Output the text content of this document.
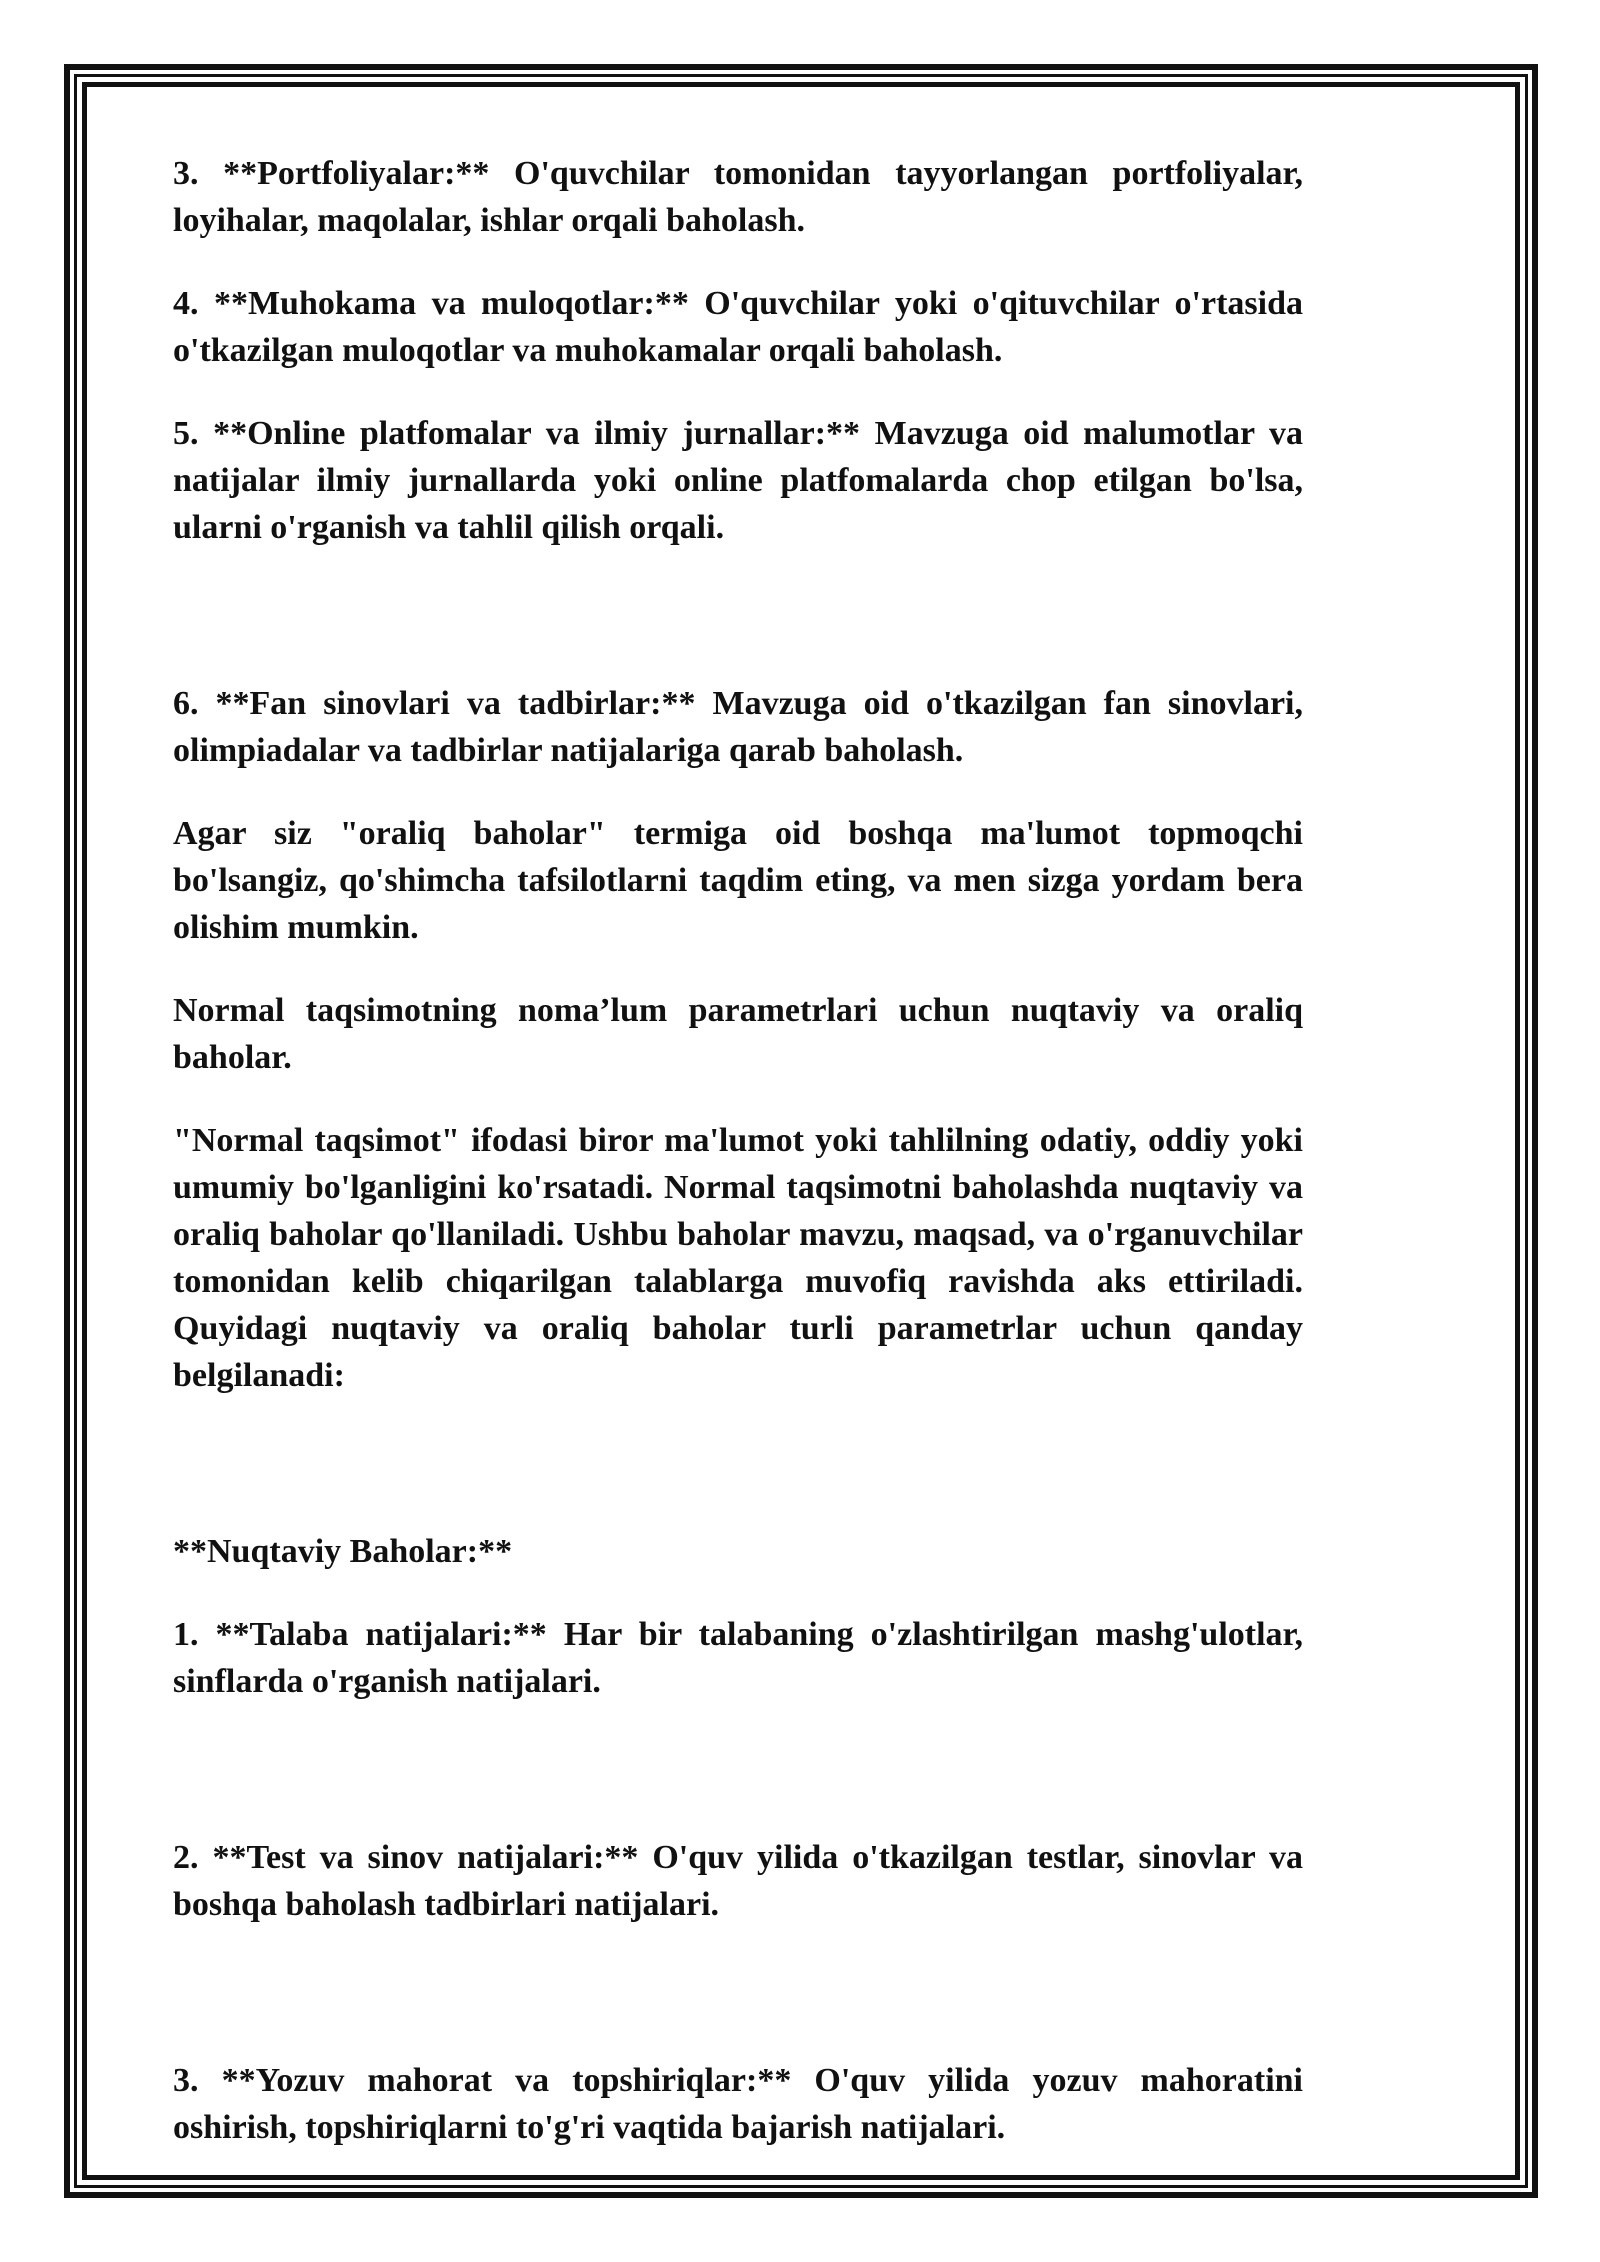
3. **Portfoliyalar:** O'quvchilar tomonidan tayyorlangan portfoliyalar, loyihalar, maqolalar, ishlar orqali baholash.

4. **Muhokama va muloqotlar:** O'quvchilar yoki o'qituvchilar o'rtasida o'tkazilgan muloqotlar va muhokamalar orqali baholash.

5. **Online platfomalar va ilmiy jurnallar:** Mavzuga oid malumotlar va natijalar ilmiy jurnallarda yoki online platfomalarda chop etilgan bo'lsa, ularni o'rganish va tahlil qilish orqali.

6. **Fan sinovlari va tadbirlar:** Mavzuga oid o'tkazilgan fan sinovlari, olimpiadalar va tadbirlar natijalariga qarab baholash.

Agar siz "oraliq baholar" termiga oid boshqa ma'lumot topmoqchi bo'lsangiz, qo'shimcha tafsilotlarni taqdim eting, va men sizga yordam bera olishim mumkin.

Normal taqsimotning noma’lum parametrlari uchun nuqtaviy va oraliq baholar.

"Normal taqsimot" ifodasi biror ma'lumot yoki tahlilning odatiy, oddiy yoki umumiy bo'lganligini ko'rsatadi. Normal taqsimotni baholashda nuqtaviy va oraliq baholar qo'llaniladi. Ushbu baholar mavzu, maqsad, va o'rganuvchilar tomonidan kelib chiqarilgan talablarga muvofiq ravishda aks ettiriladi. Quyidagi nuqtaviy va oraliq baholar turli parametrlar uchun qanday belgilanadi:

**Nuqtaviy Baholar:**

1. **Talaba natijalari:** Har bir talabaning o'zlashtirilgan mashg'ulotlar, sinflarda o'rganish natijalari.

2. **Test va sinov natijalari:** O'quv yilida o'tkazilgan testlar, sinovlar va boshqa baholash tadbirlari natijalari.

3. **Yozuv mahorat va topshiriqlar:** O'quv yilida yozuv mahoratini oshirish, topshiriqlarni to'g'ri vaqtida bajarish natijalari.
